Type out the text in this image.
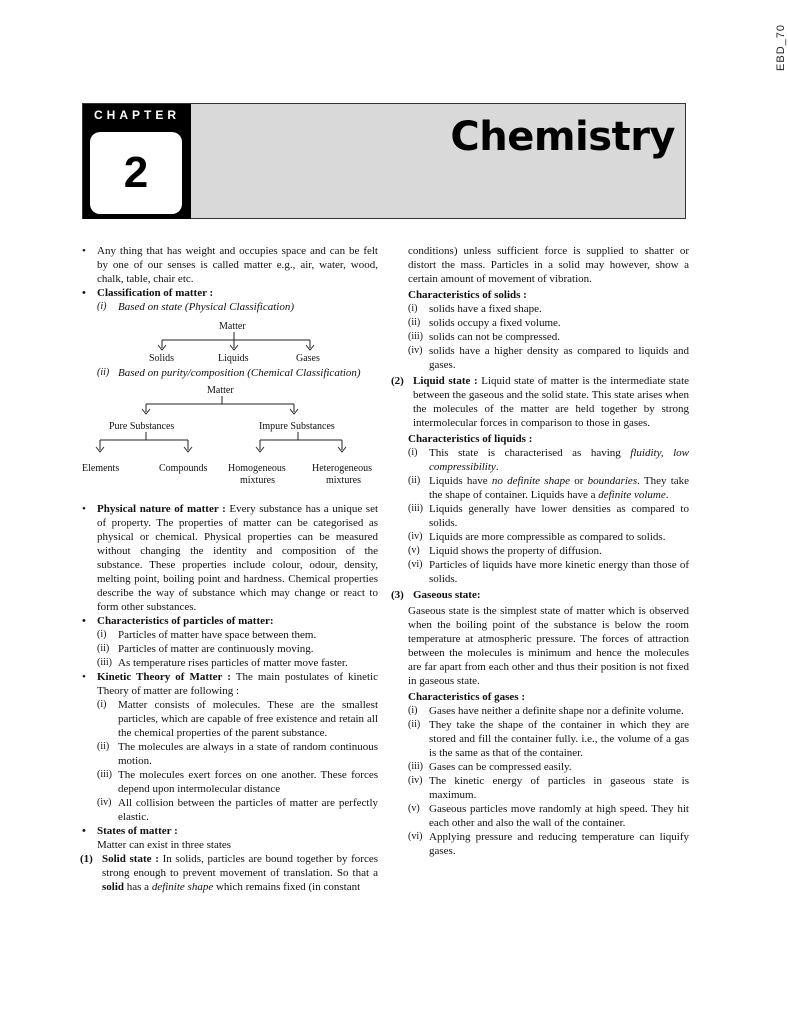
EBD_70
CHAPTER
2
Chemistry

• Any thing that has weight and occupies space and can be felt by one of our senses is called matter e.g., air, water, wood, chalk, table, chair etc.

• Classification of matter :

(i) Based on state (Physical Classification)

Matter
Solids	Liquids	Gases

(ii) Based on purity/composition (Chemical Classification)

Matter
Pure Substances	Impure Substances
Elements	Compounds Homogeneous
mixtures
Heterogeneous
mixtures

• Physical nature of matter : Every substance has a unique set of property. The properties of matter can be categorised as physical or chemical. Physical properties can be measured without changing the identity and composition of the substance. These properties include colour, odour, density, melting point, boiling point and hardness. Chemical properties describe the way of substance which may change or react to form other substances.

• Characteristics of particles of matter:

(i) Particles of matter have space between them.

(ii) Particles of matter are continuously moving.

(iii) As temperature rises particles of matter move faster.

• Kinetic Theory of Matter : The main postulates of kinetic Theory of matter are following :

(i) Matter consists of molecules. These are the smallest particles, which are capable of free existence and retain all the chemical properties of the parent substance.

(ii) The molecules are always in a state of random continuous motion.

(iii) The molecules exert forces on one another. These forces depend upon intermolecular distance

(iv) All collision between the particles of matter are perfectly elastic.

• States of matter :

Matter can exist in three states

(1) Solid state : In solids, particles are bound together by forces strong enough to prevent movement of translation. So that a solid has a definite shape which remains fixed (in constant

conditions) unless sufficient force is supplied to shatter or distort the mass. Particles in a solid may however, show a certain amount of movement of vibration.

Characteristics of solids :

(i) solids have a fixed shape.

(ii) solids occupy a fixed volume.

(iii) solids can not be compressed.

(iv) solids have a higher density as compared to liquids and gases.

(2) Liquid state : Liquid state of matter is the intermediate state between the gaseous and the solid state. This state arises when the molecules of the matter are held together by strong intermolecular forces in comparison to those in gases.

Characteristics of liquids :

(i) This state is characterised as having fluidity, low compressibility.

(ii) Liquids have no definite shape or boundaries. They take the shape of container. Liquids have a definite volume.

(iii) Liquids generally have lower densities as compared to solids.

(iv) Liquids are more compressible as compared to solids.

(v) Liquid shows the property of diffusion.

(vi) Particles of liquids have more kinetic energy than those of solids.

(3) Gaseous state:

Gaseous state is the simplest state of matter which is observed when the boiling point of the substance is below the room temperature at atmospheric pressure. The forces of attraction between the molecules is minimum and hence the molecules are far apart from each other and thus their position is not fixed in gaseous state.

Characteristics of gases :

(i) Gases have neither a definite shape nor a definite volume.

(ii) They take the shape of the container in which they are stored and fill the container fully. i.e., the volume of a gas is the same as that of the container.

(iii) Gases can be compressed easily.

(iv) The kinetic energy of particles in gaseous state is maximum.

(v) Gaseous particles move randomly at high speed. They hit each other and also the wall of the container.

(vi) Applying pressure and reducing temperature can liquify gases.
